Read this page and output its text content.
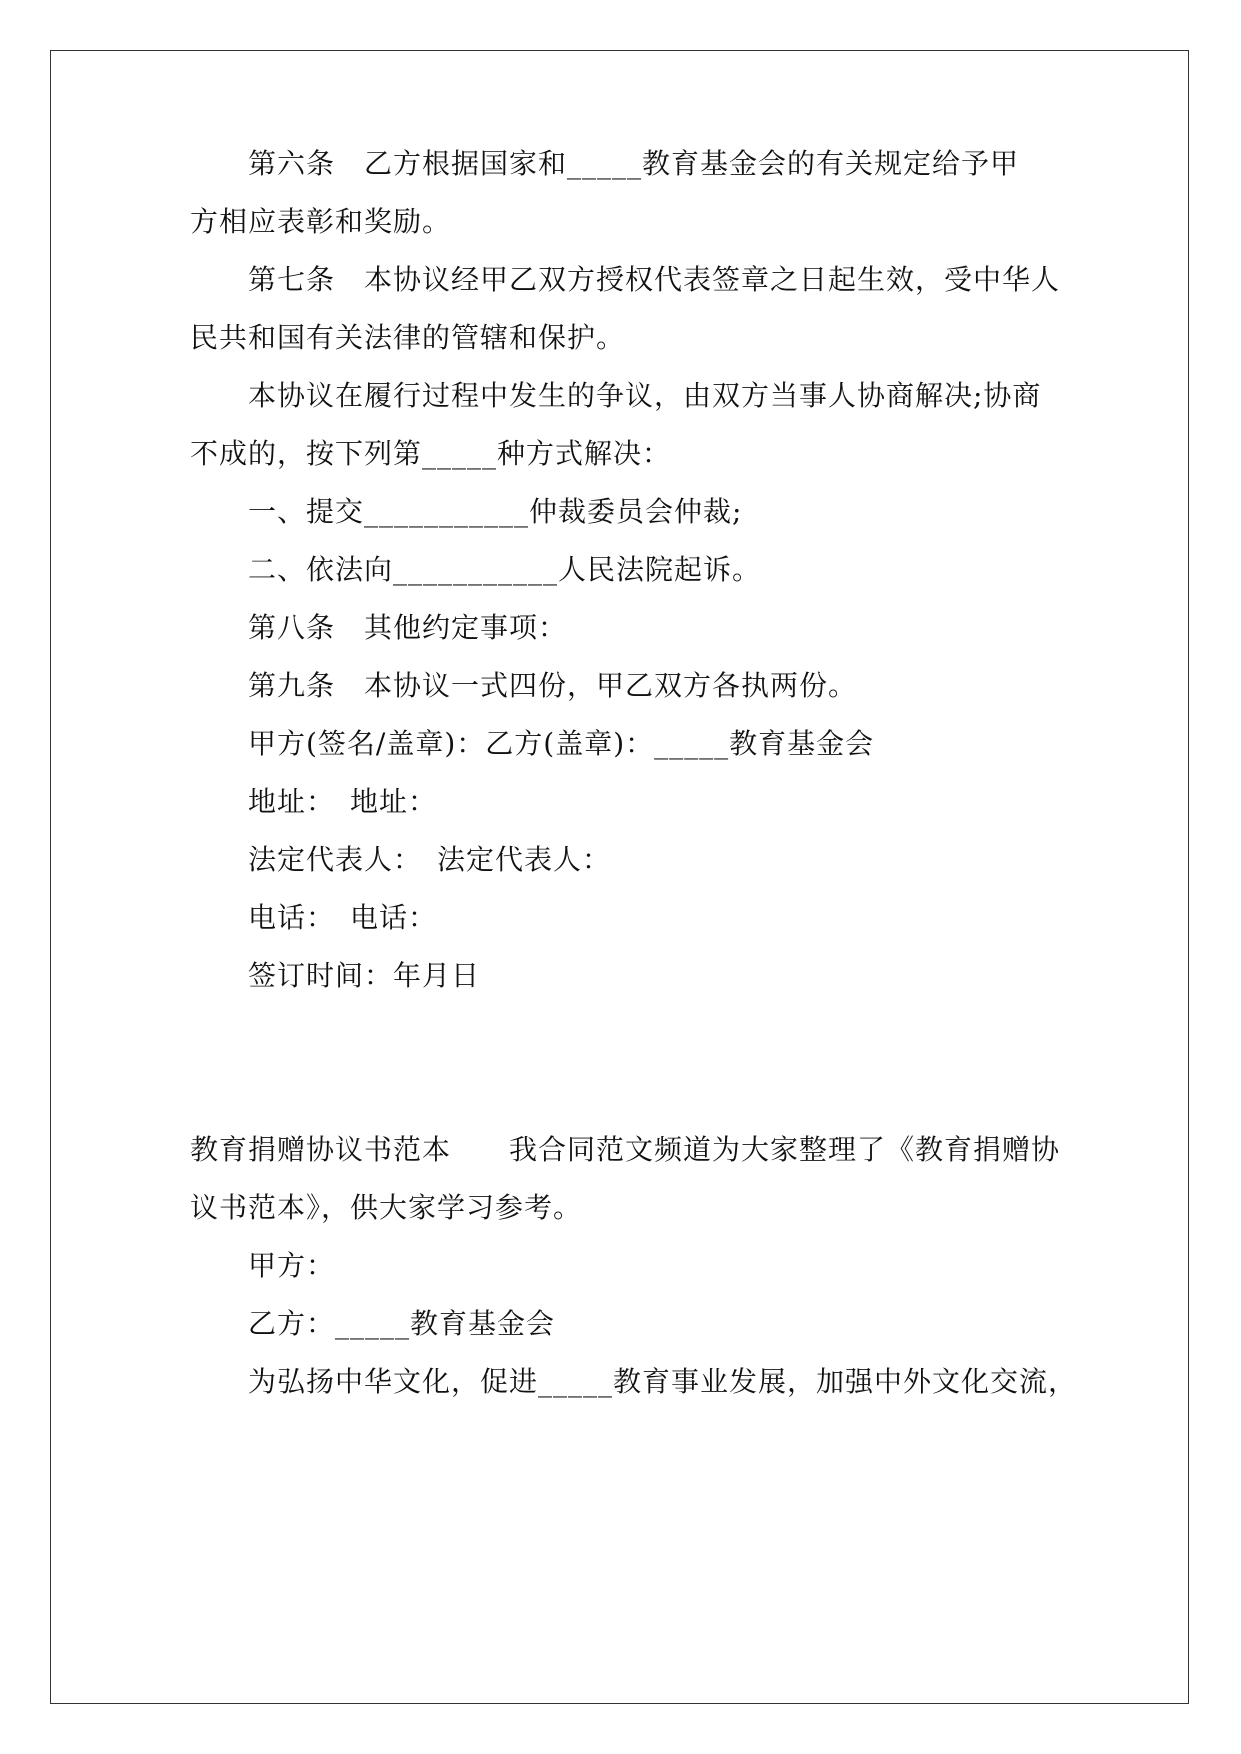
第六条　乙方根据国家和_____教育基金会的有关规定给予甲
方相应表彰和奖励。
第七条　本协议经甲乙双方授权代表签章之日起生效，受中华人
民共和国有关法律的管辖和保护。
本协议在履行过程中发生的争议，由双方当事人协商解决;协商
不成的，按下列第_____种方式解决：
一、提交___________仲裁委员会仲裁;
二、依法向___________人民法院起诉。
第八条　其他约定事项：
第九条　本协议一式四份，甲乙双方各执两份。
甲方(签名/盖章)：乙方(盖章)：_____教育基金会
地址：　地址：
法定代表人：　法定代表人：
电话：　电话：
签订时间：年月日
教育捐赠协议书范本　　我合同范文频道为大家整理了《教育捐赠协
议书范本》，供大家学习参考。
甲方：
乙方：_____教育基金会
为弘扬中华文化，促进_____教育事业发展，加强中外文化交流，
